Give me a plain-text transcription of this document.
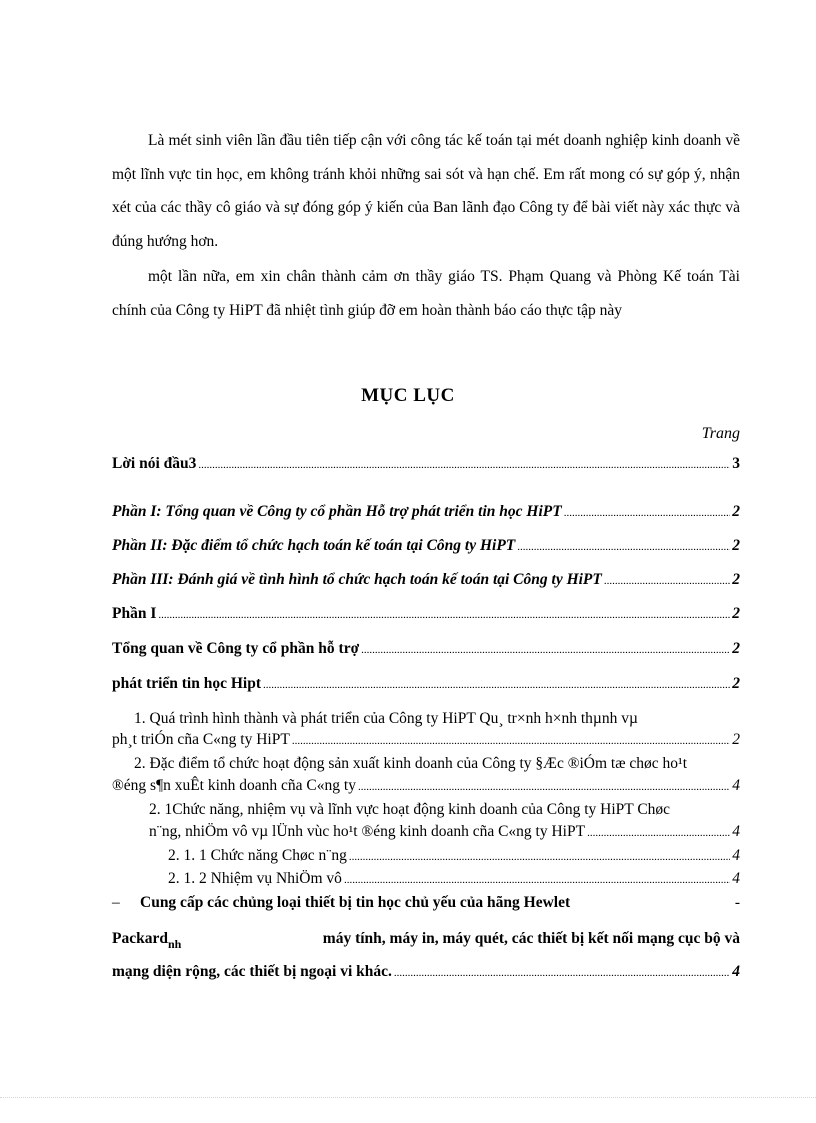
Là mét sinh viên lần đầu tiên tiếp cận với công tác kế toán tại mét doanh nghiệp kinh doanh về một lĩnh vực tin học, em không tránh khỏi những sai sót và hạn chế. Em rất mong có sự góp ý, nhận xét của các thầy cô giáo và sự đóng góp ý kiến của Ban lãnh đạo Công ty để bài viết này xác thực và đúng hướng hơn.

một lần nữa, em xin chân thành cảm ơn thầy giáo TS. Phạm Quang và Phòng Kế toán Tài chính của Công ty HiPT đã nhiệt tình giúp đỡ em hoàn thành báo cáo thực tập này

MỤC LỤC
Trang
Lời nói đầu3 .....	3
Phần I: Tổng quan về Công ty cổ phần Hỗ trợ phát triển tin học HiPT .....	2
Phần II: Đặc điểm tổ chức hạch toán kế toán tại Công ty HiPT .....	2
Phần III: Đánh giá về tình hình tổ chức hạch toán kế toán tại Công ty HiPT .....	2
Phần I .....	2
Tổng quan về Công ty cổ phần hỗ trợ .....	2
phát triển tin học Hipt .....	2
1. Quá trình hình thành và phát triển của Công ty HiPT Qu¸ tr×nh h×nh thµnh vµ
ph¸t triÓn cña C«ng ty HiPT .....	2
2. Đặc điểm tổ chức hoạt động sản xuất kinh doanh của Công ty §Æc ®iÓm tæ chøc ho¹t
®éng s¶n xuÊt kinh doanh cña C«ng ty .....	4
2. 1Chức năng, nhiệm vụ và lĩnh vực hoạt động kinh doanh của Công ty HiPT Chøc
n¨ng, nhiÖm vô vµ lÜnh vùc ho¹t ®éng kinh doanh cña C«ng ty HiPT .....	4
2. 1. 1 Chức năng Chøc n¨ng .....	4
2. 1. 2 Nhiệm vụ NhiÖm vô .....	4
–	Cung cấp các chủng loại thiết bị tin học chủ yếu của hãng Hewlet	-
Packard$_{nh}$	máy tính, máy in, máy quét, các thiết bị kết nối mạng cục bộ và
mạng diện rộng, các thiết bị ngoại vi khác. .....	4
